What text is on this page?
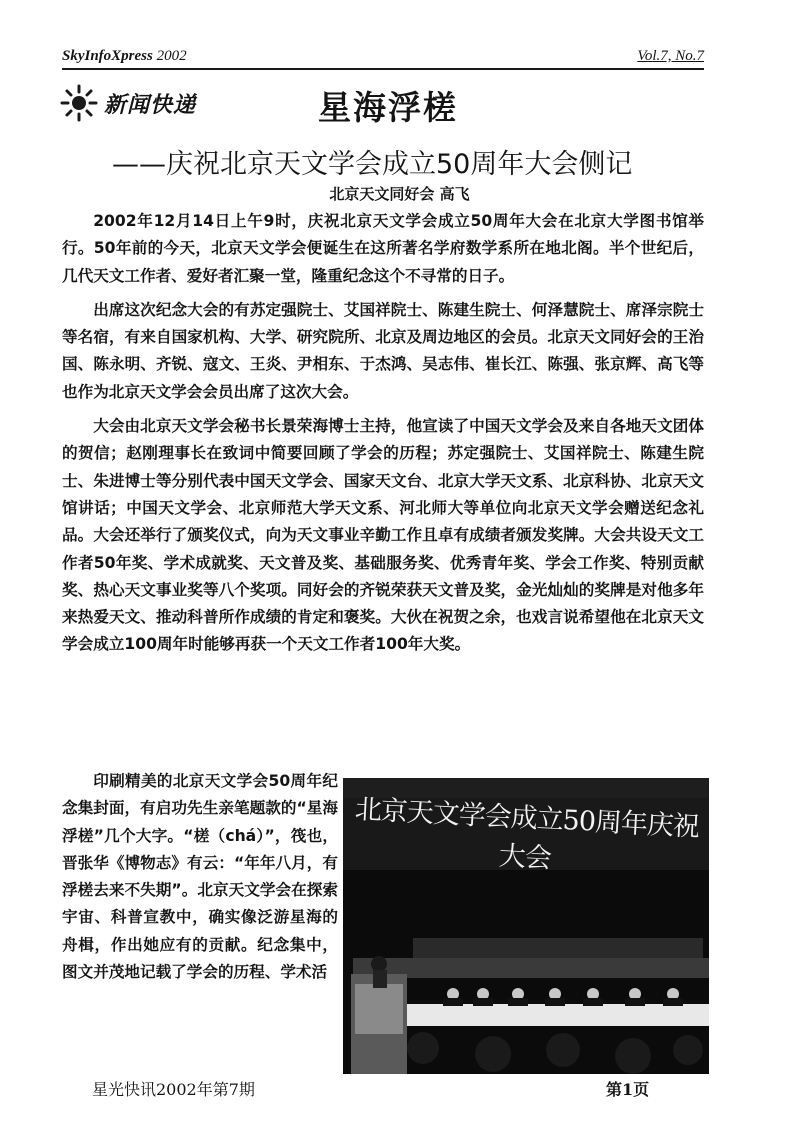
SkyInfoXpress 2002	Vol.7, No.7
新闻快递	星海浮槎
——庆祝北京天文学会成立50周年大会侧记
北京天文同好会 高飞

2002年12月14日上午9时，庆祝北京天文学会成立50周年大会在北京大学图书馆举行。50年前的今天，北京天文学会便诞生在这所著名学府数学系所在地北阁。半个世纪后，几代天文工作者、爱好者汇聚一堂，隆重纪念这个不寻常的日子。

出席这次纪念大会的有苏定强院士、艾国祥院士、陈建生院士、何泽慧院士、席泽宗院士等名宿，有来自国家机构、大学、研究院所、北京及周边地区的会员。北京天文同好会的王治国、陈永明、齐锐、寇文、王炎、尹相东、于杰鸿、吴志伟、崔长江、陈强、张京辉、高飞等也作为北京天文学会会员出席了这次大会。

大会由北京天文学会秘书长景荣海博士主持，他宣读了中国天文学会及来自各地天文团体的贺信；赵刚理事长在致词中简要回顾了学会的历程；苏定强院士、艾国祥院士、陈建生院士、朱进博士等分别代表中国天文学会、国家天文台、北京大学天文系、北京科协、北京天文馆讲话；中国天文学会、北京师范大学天文系、河北师大等单位向北京天文学会赠送纪念礼品。大会还举行了颁奖仪式，向为天文事业辛勤工作且卓有成绩者颁发奖牌。大会共设天文工作者50年奖、学术成就奖、天文普及奖、基础服务奖、优秀青年奖、学会工作奖、特别贡献奖、热心天文事业奖等八个奖项。同好会的齐锐荣获天文普及奖，金光灿灿的奖牌是对他多年来热爱天文、推动科普所作成绩的肯定和褒奖。大伙在祝贺之余，也戏言说希望他在北京天文学会成立100周年时能够再获一个天文工作者100年大奖。

印刷精美的北京天文学会50周年纪念集封面，有启功先生亲笔题款的“星海浮槎”几个大字。“槎（chá）”，筏也，晋张华《博物志》有云：“年年八月，有浮槎去来不失期”。北京天文学会在探索宇宙、科普宣教中，确实像泛游星海的舟楫，作出她应有的贡献。纪念集中，图文并茂地记载了学会的历程、学术活

北京天文学会成立50周年庆祝大会
星光快讯2002年第7期	第1页
